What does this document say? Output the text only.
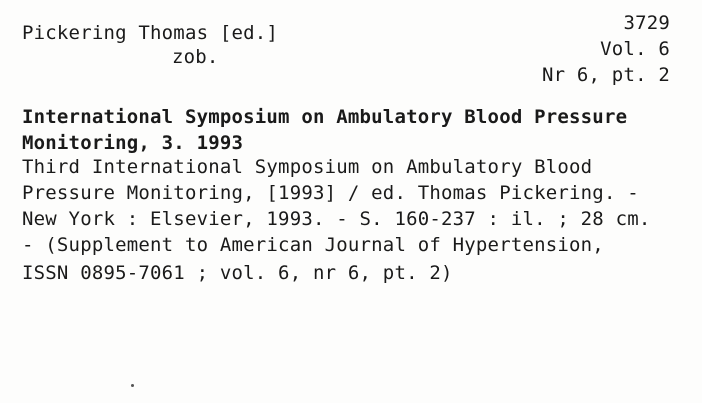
Pickering Thomas [ed.]
zob.
3729
Vol. 6
Nr 6, pt. 2
International Symposium on Ambulatory Blood Pressure
Monitoring, 3. 1993
Third International Symposium on Ambulatory Blood
Pressure Monitoring, [1993] / ed. Thomas Pickering. -
New York : Elsevier, 1993. - S. 160-237 : il. ; 28 cm.
- (Supplement to American Journal of Hypertension,
ISSN 0895-7061 ; vol. 6, nr 6, pt. 2)
